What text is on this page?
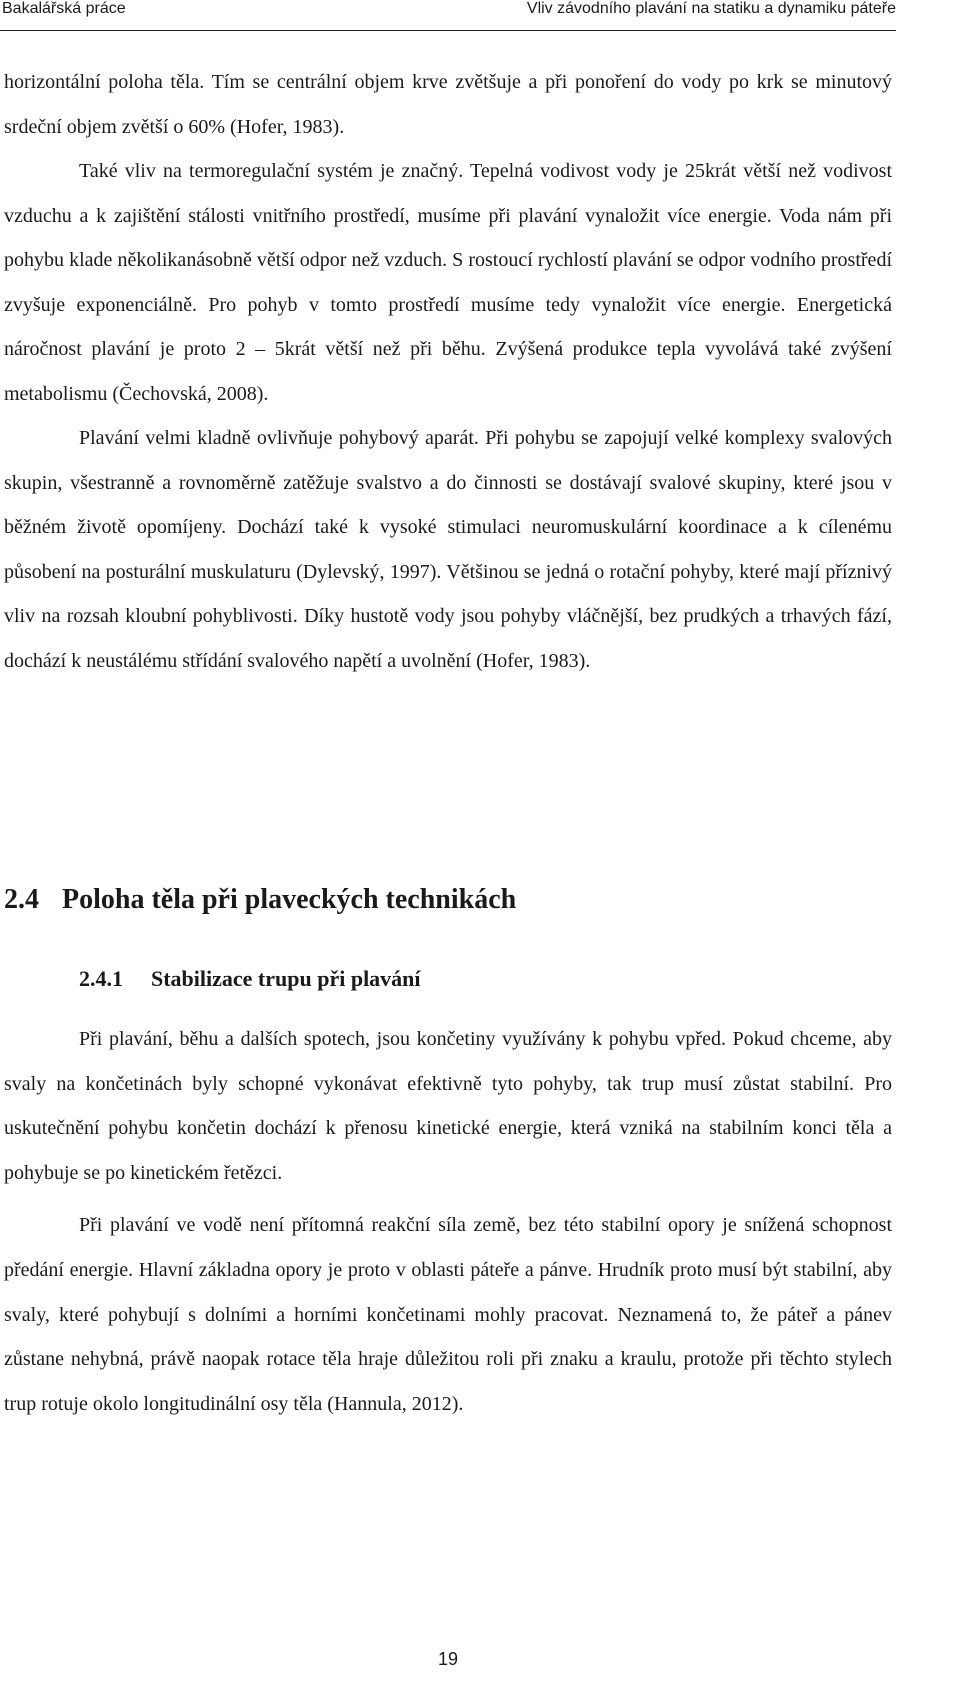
Bakalářská práce	Vliv závodního plavání na statiku a dynamiku páteře

horizontální poloha těla. Tím se centrální objem krve zvětšuje a při ponoření do vody po krk se minutový srdeční objem zvětší o 60% (Hofer, 1983).

Také vliv na termoregulační systém je značný. Tepelná vodivost vody je 25krát větší než vodivost vzduchu a k zajištění stálosti vnitřního prostředí, musíme při plavání vynaložit více energie. Voda nám při pohybu klade několikanásobně větší odpor než vzduch. S rostoucí rychlostí plavání se odpor vodního prostředí zvyšuje exponenciálně. Pro pohyb v tomto prostředí musíme tedy vynaložit více energie. Energetická náročnost plavání je proto 2 – 5krát větší než při běhu. Zvýšená produkce tepla vyvolává také zvýšení metabolismu (Čechovská, 2008).

Plavání velmi kladně ovlivňuje pohybový aparát. Při pohybu se zapojují velké komplexy svalových skupin, všestranně a rovnoměrně zatěžuje svalstvo a do činnosti se dostávají svalové skupiny, které jsou v běžném životě opomíjeny. Dochází také k vysoké stimulaci neuromuskulární koordinace a k cílenému působení na posturální muskulaturu (Dylevský, 1997). Většinou se jedná o rotační pohyby, které mají příznivý vliv na rozsah kloubní pohyblivosti. Díky hustotě vody jsou pohyby vláčnější, bez prudkých a trhavých fází, dochází k neustálému střídání svalového napětí a uvolnění (Hofer, 1983).

2.4 Poloha těla při plaveckých technikách
2.4.1 Stabilizace trupu při plavání

Při plavání, běhu a dalších spotech, jsou končetiny využívány k pohybu vpřed. Pokud chceme, aby svaly na končetinách byly schopné vykonávat efektivně tyto pohyby, tak trup musí zůstat stabilní. Pro uskutečnění pohybu končetin dochází k přenosu kinetické energie, která vzniká na stabilním konci těla a pohybuje se po kinetickém řetězci.

Při plavání ve vodě není přítomná reakční síla země, bez této stabilní opory je snížená schopnost předání energie. Hlavní základna opory je proto v oblasti páteře a pánve. Hrudník proto musí být stabilní, aby svaly, které pohybují s dolními a horními končetinami mohly pracovat. Neznamená to, že páteř a pánev zůstane nehybná, právě naopak rotace těla hraje důležitou roli při znaku a kraulu, protože při těchto stylech trup rotuje okolo longitudinální osy těla (Hannula, 2012).

19
